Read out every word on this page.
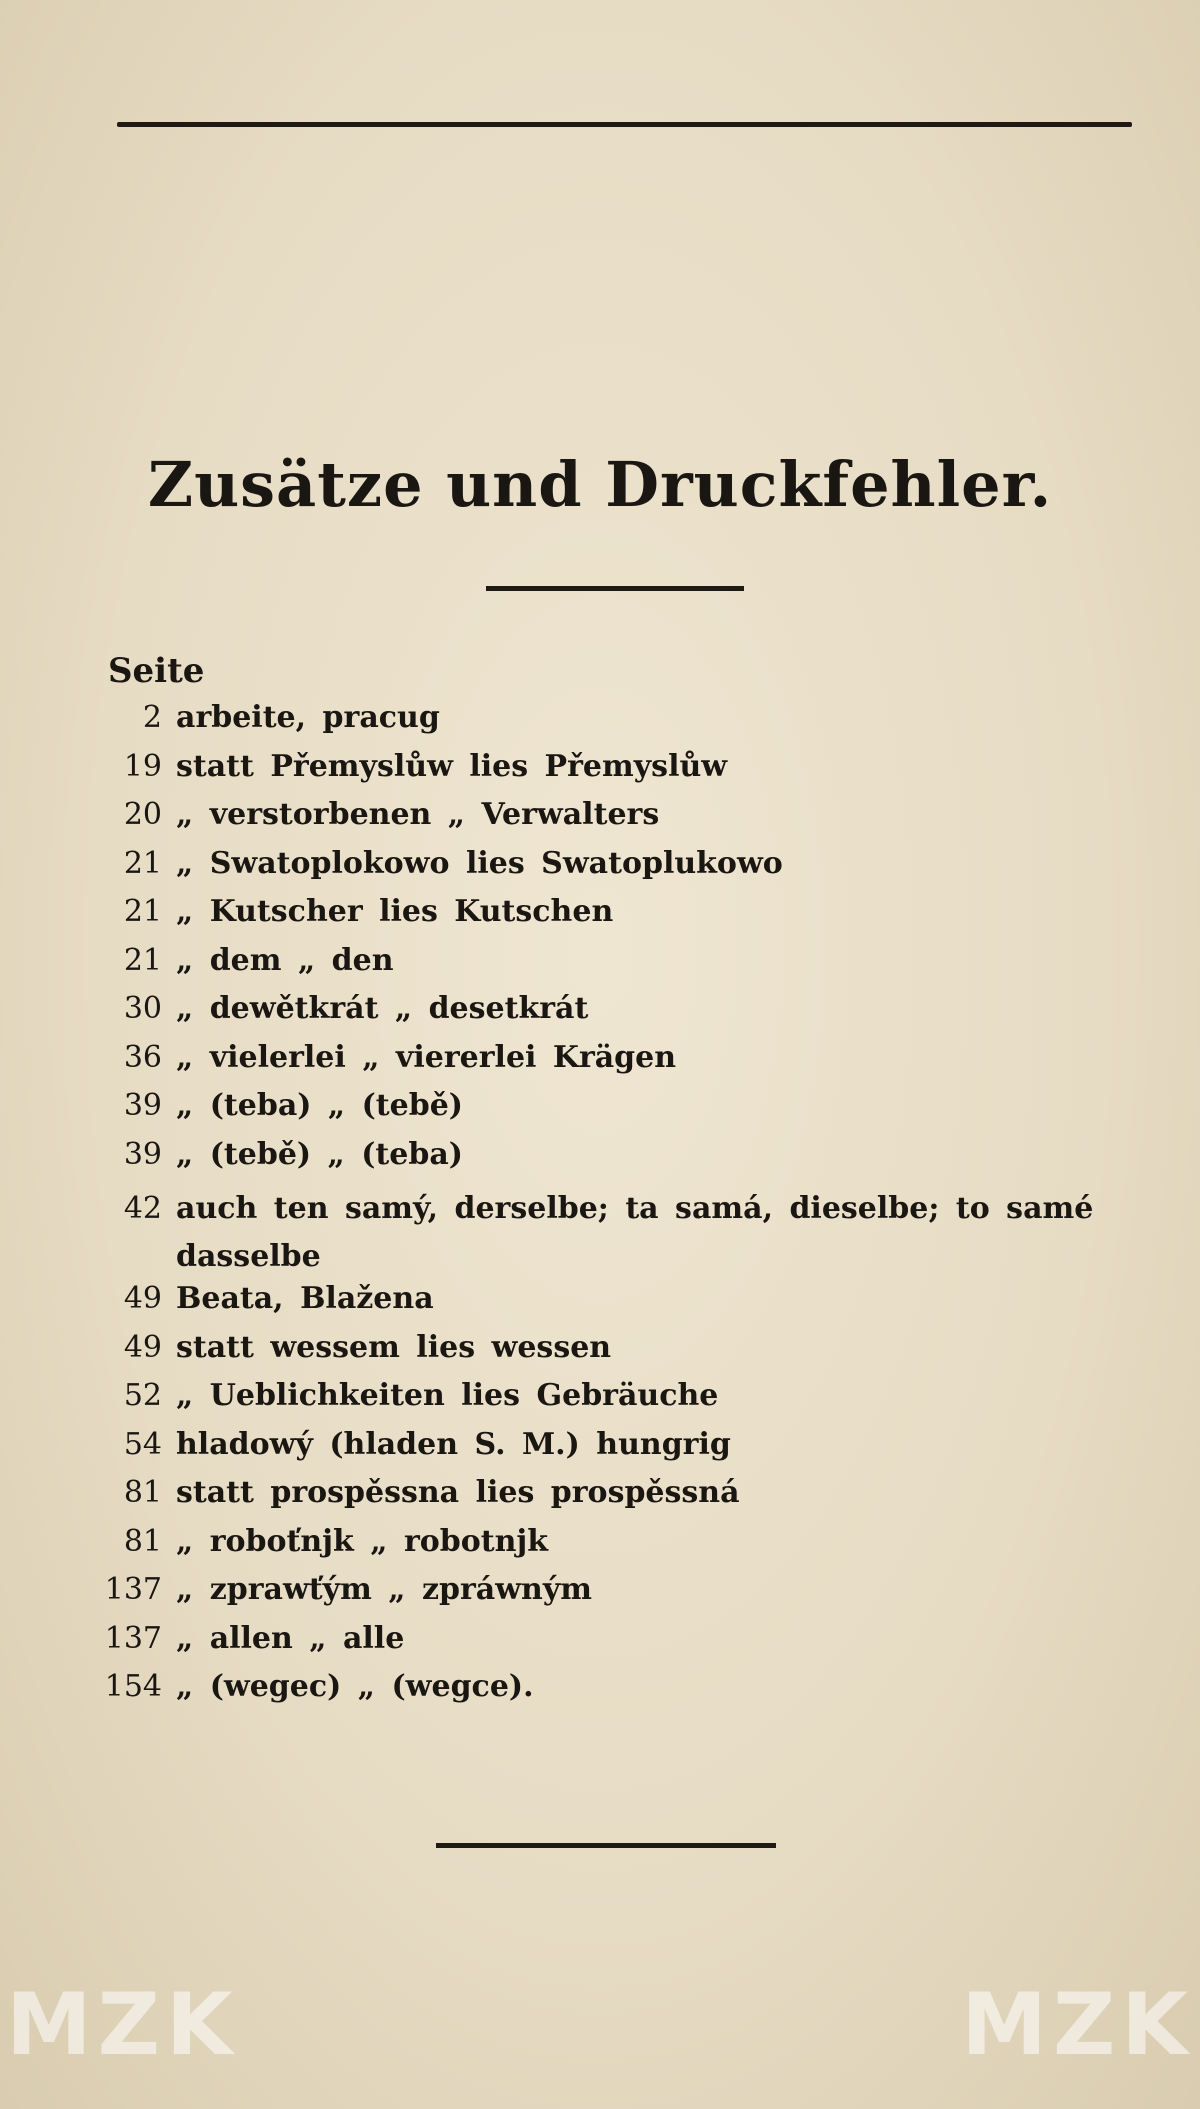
Zusätze und Druckfehler.
Seite
2 arbeite, pracug
19 statt Přemyslůw lies Přemyslůw
20 „ verstorbenen „ Verwalters
21 „ Swatoplokowo lies Swatoplukowo
21 „ Kutscher lies Kutschen
21 „ dem „ den
30 „ dewětkrát „ desetkrát
36 „ vielerlei „ viererlei Krägen
39 „ (teba) „ (tebě)
39 „ (tebě) „ (teba)
42 auch ten samý, derselbe; ta samá, dieselbe; to samé dasselbe
49 Beata, Blažena
49 statt wessem lies wessen
52 „ Ueblichkeiten lies Gebräuche
54 hladowý (hladen S. M.) hungrig
81 statt prospěssna lies prospěssná
81 „ roboťnjk „ robotnjk
137 „ zprawťým „ zpráwným
137 „ allen „ alle
154 „ (wegec) „ (wegce).
MZK	MZK
